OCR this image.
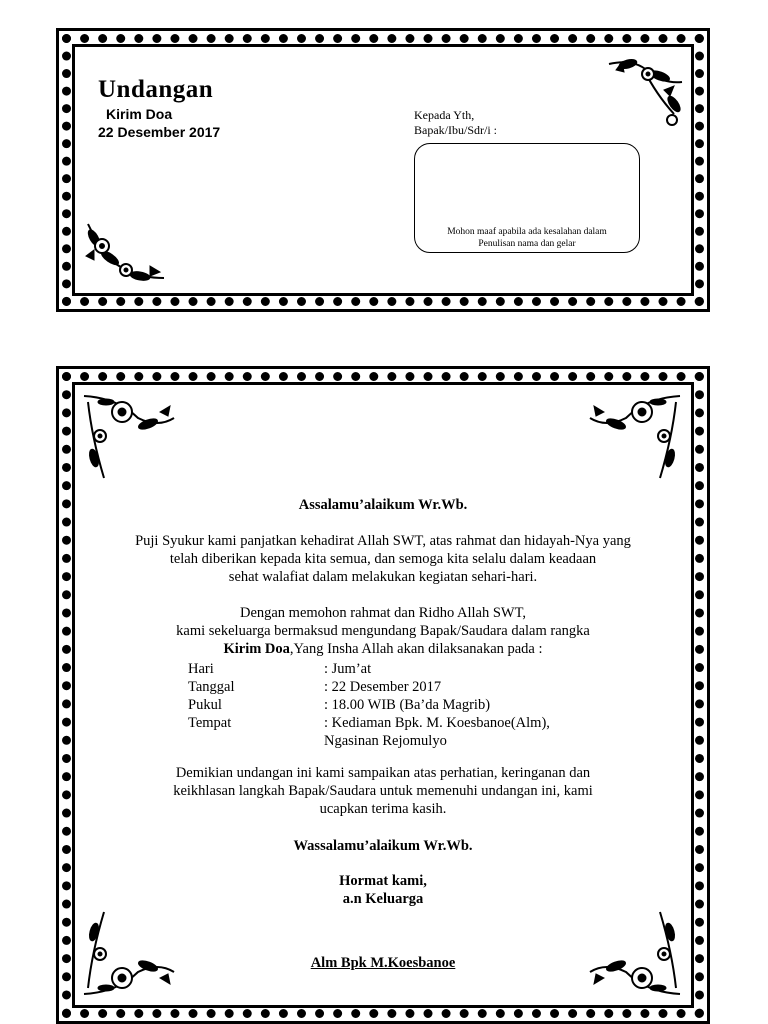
Undangan
Kirim Doa
22 Desember 2017
Kepada Yth,
Bapak/Ibu/Sdr/i :
Mohon maaf apabila ada kesalahan dalam
Penulisan nama dan gelar

Assalamu’alaikum Wr.Wb.

Puji Syukur kami panjatkan kehadirat Allah SWT, atas rahmat dan hidayah-Nya yang
telah diberikan kepada kita semua, dan semoga kita selalu dalam keadaan
sehat walafiat dalam melakukan kegiatan sehari-hari.

Dengan memohon rahmat dan Ridho Allah SWT,
kami sekeluarga bermaksud mengundang Bapak/Saudara dalam rangka
Kirim Doa,Yang Insha Allah akan dilaksanakan pada :

Hari	: Jum’at
Tanggal	: 22 Desember 2017
Pukul	: 18.00 WIB (Ba’da Magrib)
Tempat	: Kediaman Bpk. M. Koesbanoe(Alm),
Ngasinan Rejomulyo

Demikian undangan ini kami sampaikan atas perhatian, keringanan dan
keikhlasan langkah Bapak/Saudara untuk memenuhi undangan ini, kami
ucapkan terima kasih.

Wassalamu’alaikum Wr.Wb.

Hormat kami,
a.n Keluarga

Alm Bpk M.Koesbanoe
